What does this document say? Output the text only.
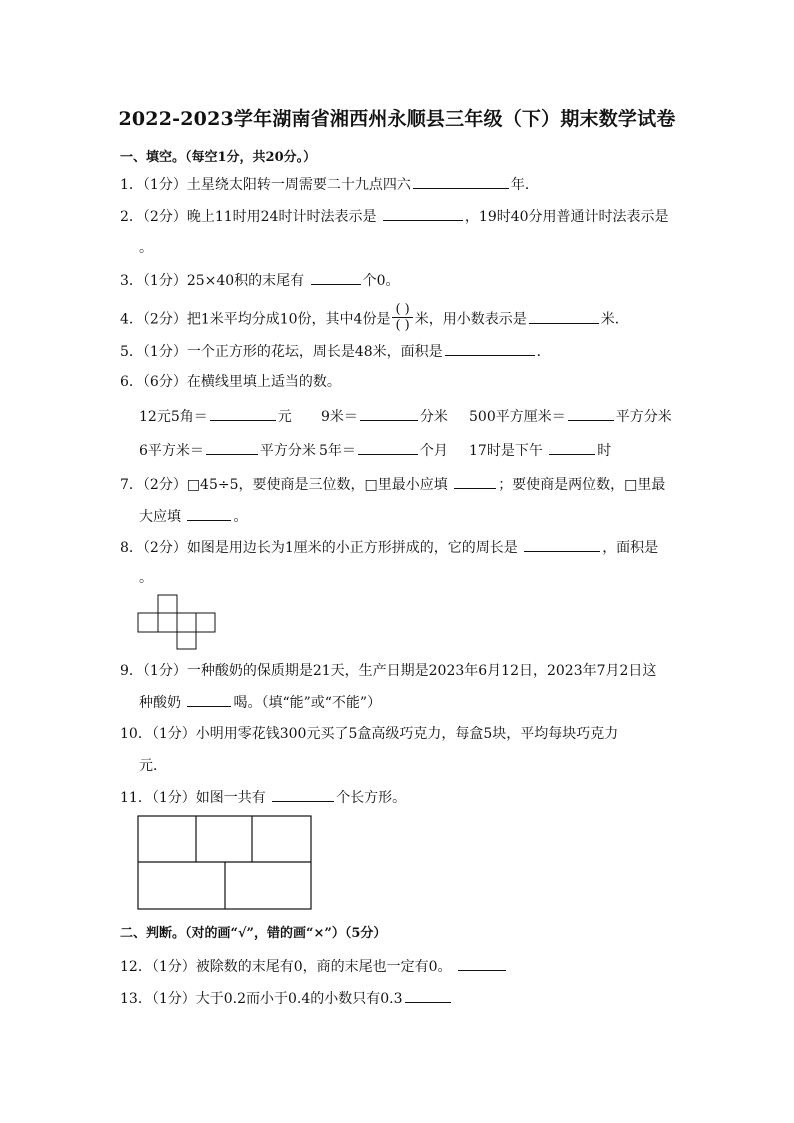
2022-2023学年湖南省湘西州永顺县三年级（下）期末数学试卷
一、填空。（每空1分，共20分。）
1．（1分）土星绕太阳转一周需要二十九点四六	年．
2．（2分）晚上11时用24时计时法表示是	，19时40分用普通计时法表示是
。
3．（1分）25×40积的末尾有	个0。
4．（2分）把1米平均分成10份，其中4份是 $\frac{( )}{( )}$ 米，用小数表示是	米．
5．（1分）一个正方形的花坛，周长是48米，面积是	．
6．（6分）在横线里填上适当的数。
12元5角＝	元 9米＝	分米 500平方厘米＝	平方分米
6平方米＝	平方分米 5年＝	个月 17时是下午	时
7．（2分）□45÷5，要使商是三位数，□里最小应填	；要使商是两位数，□里最
大应填	。
8．（2分）如图是用边长为1厘米的小正方形拼成的，它的周长是	，面积是
。
9．（1分）一种酸奶的保质期是21天，生产日期是2023年6月12日，2023年7月2日这
种酸奶	喝。（填“能”或“不能”）
10．（1分）小明用零花钱300元买了5盒高级巧克力，每盒5块，平均每块巧克力
元．
11．（1分）如图一共有	个长方形。
二、判断。（对的画“√”，错的画“×”）（5分）
12．（1分）被除数的末尾有0，商的末尾也一定有0。
13．（1分）大于0.2而小于0.4的小数只有0.3
